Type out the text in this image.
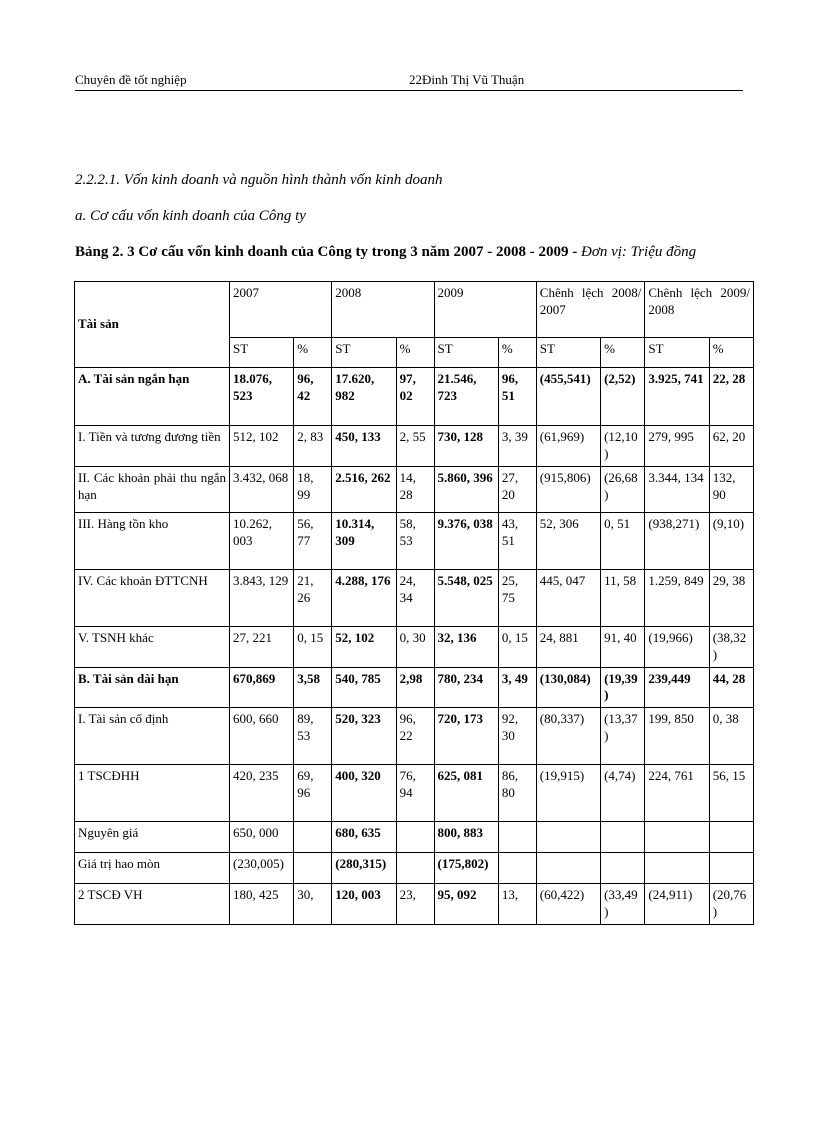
Chuyên đề tốt nghiệp	22Đinh Thị Vũ Thuận
2.2.2.1. Vốn kinh doanh và nguồn hình thành vốn kinh doanh
a. Cơ cấu vốn kinh doanh của Công ty
Bảng 2. 3 Cơ cấu vốn kinh doanh của Công ty trong 3 năm 2007 - 2008 - 2009 - Đơn vị: Triệu đồng
Tài sản	2007		2008		2009		Chênh lệch 2008/ 2007		Chênh lệch 2009/ 2008	
	ST	%	ST	%	ST	%	ST	%	ST	%
A. Tài sản ngắn hạn	18.076, 523	96, 42	17.620, 982	97, 02	21.546, 723	96, 51	(455,541)	(2,52)	3.925, 741	22, 28
I. Tiền và tương đương tiền	512, 102	2, 83	450, 133	2, 55	730, 128	3, 39	(61,969)	(12,10)	279, 995	62, 20
II. Các khoản phải thu ngắn hạn	3.432, 068	18, 99	2.516, 262	14, 28	5.860, 396	27, 20	(915,806)	(26,68)	3.344, 134	132, 90
III. Hàng tồn kho	10.262, 003	56, 77	10.314, 309	58, 53	9.376, 038	43, 51	52, 306	0, 51	(938,271)	(9,10)
IV. Các khoản ĐTTCNH	3.843, 129	21, 26	4.288, 176	24, 34	5.548, 025	25, 75	445, 047	11, 58	1.259, 849	29, 38
V. TSNH khác	27, 221	0, 15	52, 102	0, 30	32, 136	0, 15	24, 881	91, 40	(19,966)	(38,32)
B. Tài sản dài hạn	670,869	3,58	540, 785	2,98	780, 234	3, 49	(130,084)	(19,39)	239,449	44, 28
I. Tài sản cố định	600, 660	89, 53	520, 323	96, 22	720, 173	92, 30	(80,337)	(13,37)	199, 850	0, 38
1 TSCĐHH	420, 235	69, 96	400, 320	76, 94	625, 081	86, 80	(19,915)	(4,74)	224, 761	56, 15
Nguyên giá	650, 000		680, 635		800, 883					
Giá trị hao mòn	(230,005)		(280,315)		(175,802)					
2 TSCĐ VH	180, 425	30,	120, 003	23,	95, 092	13,	(60,422)	(33,49)	(24,911)	(20,76)
